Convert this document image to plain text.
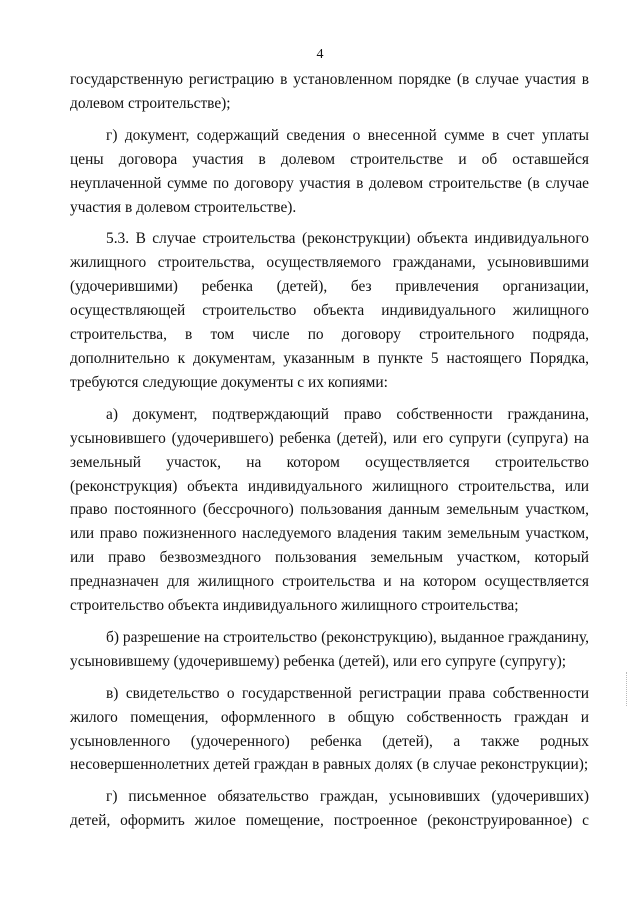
4

государственную регистрацию в установленном порядке (в случае участия в долевом строительстве);

г) документ, содержащий сведения о внесенной сумме в счет уплаты цены договора участия в долевом строительстве и об оставшейся неуплаченной сумме по договору участия в долевом строительстве (в случае участия в долевом строительстве).

5.3. В случае строительства (реконструкции) объекта индивидуального жилищного строительства, осуществляемого гражданами, усыновившими (удочерившими) ребенка (детей), без привлечения организации, осуществляющей строительство объекта индивидуального жилищного строительства, в том числе по договору строительного подряда, дополнительно к документам, указанным в пункте 5 настоящего Порядка, требуются следующие документы с их копиями:

а) документ, подтверждающий право собственности гражданина, усыновившего (удочерившего) ребенка (детей), или его супруги (супруга) на земельный участок, на котором осуществляется строительство (реконструкция) объекта индивидуального жилищного строительства, или право постоянного (бессрочного) пользования данным земельным участком, или право пожизненного наследуемого владения таким земельным участком, или право безвозмездного пользования земельным участком, который предназначен для жилищного строительства и на котором осуществляется строительство объекта индивидуального жилищного строительства;

б) разрешение на строительство (реконструкцию), выданное гражданину, усыновившему (удочерившему) ребенка (детей), или его супруге (супругу);

в) свидетельство о государственной регистрации права собственности жилого помещения, оформленного в общую собственность граждан и усыновленного (удочеренного) ребенка (детей), а также родных несовершеннолетних детей граждан в равных долях (в случае реконструкции);

г) письменное обязательство граждан, усыновивших (удочеривших) детей, оформить жилое помещение, построенное (реконструированное) с
